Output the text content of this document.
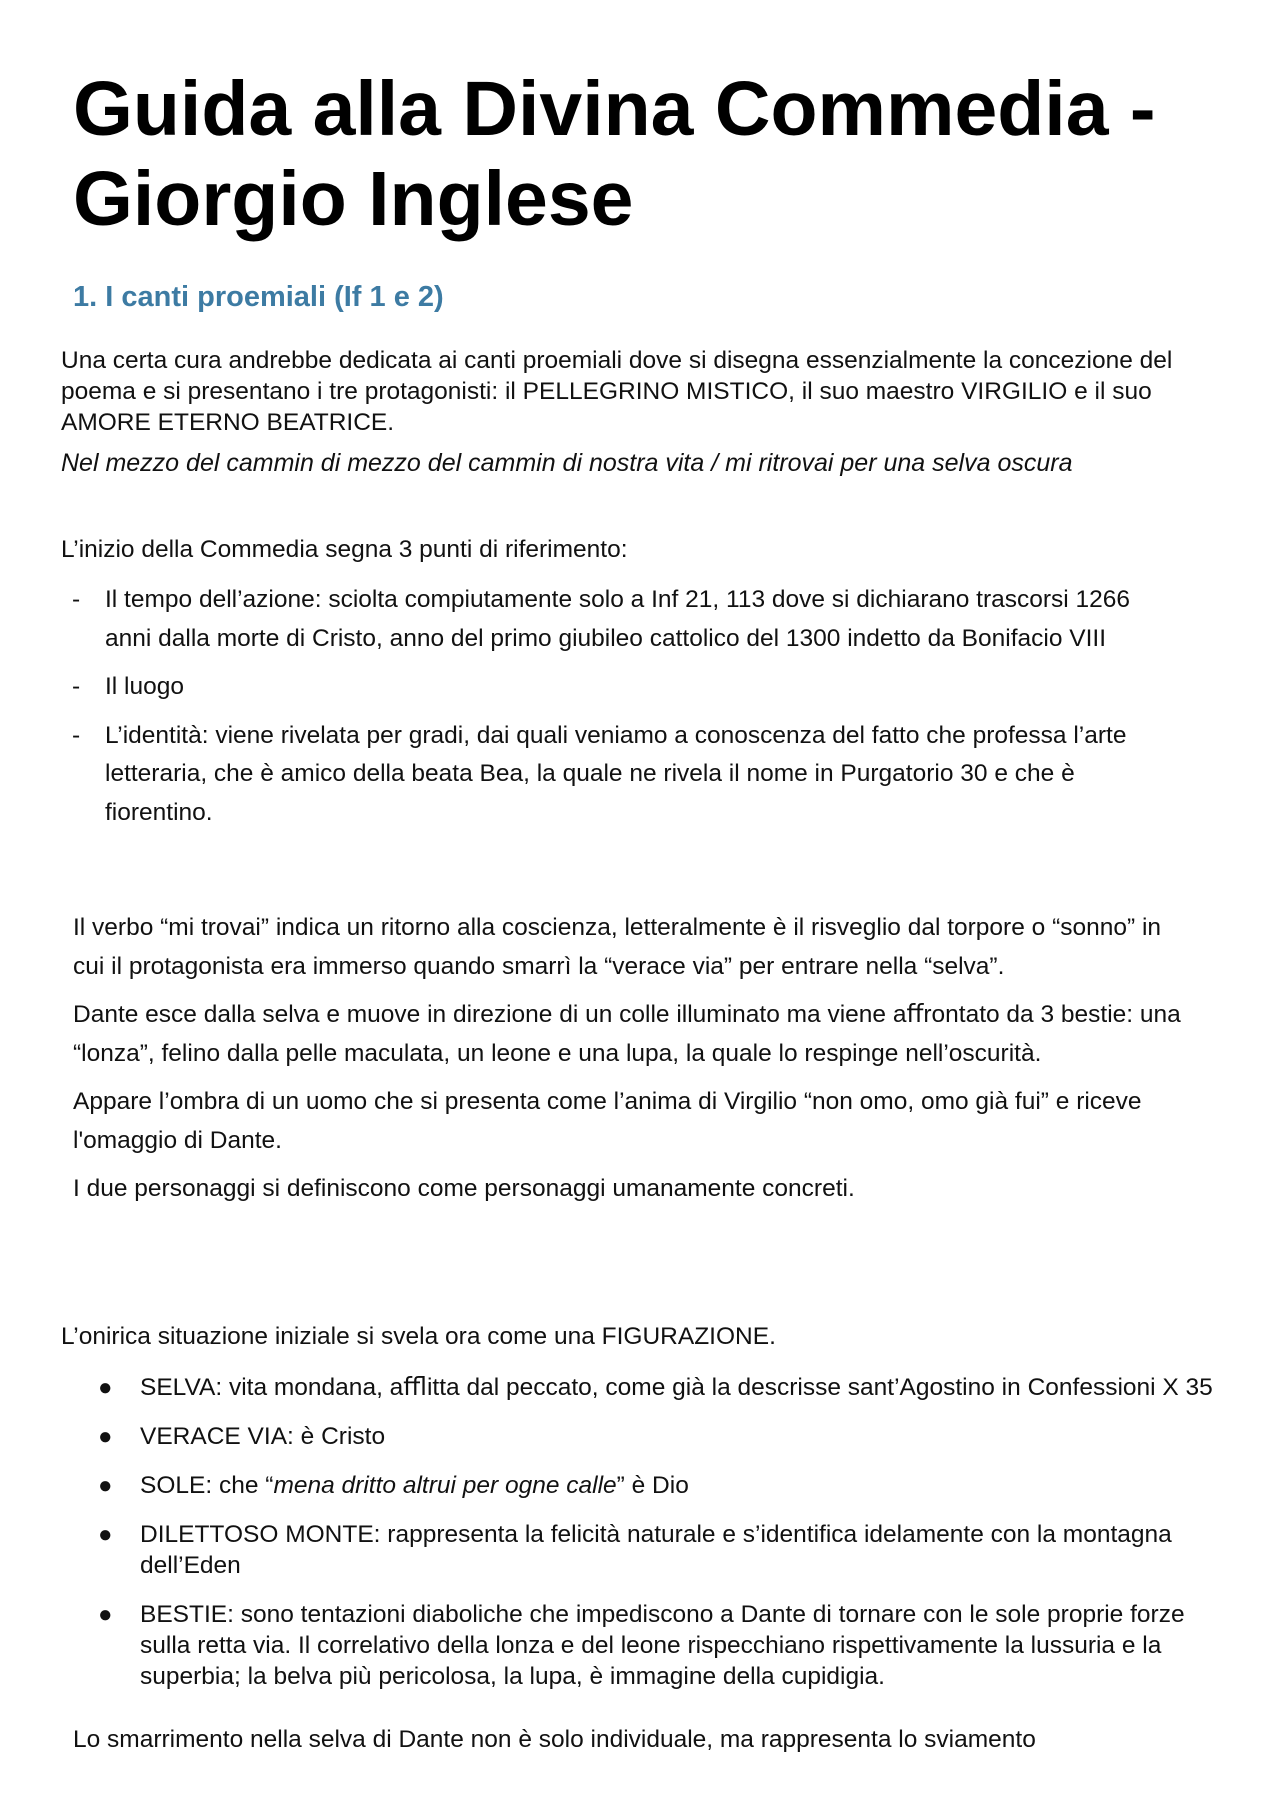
Guida alla Divina Commedia - Giorgio Inglese
1. I canti proemiali (If 1 e 2)

Una certa cura andrebbe dedicata ai canti proemiali dove si disegna essenzialmente la concezione del poema e si presentano i tre protagonisti: il PELLEGRINO MISTICO, il suo maestro VIRGILIO e il suo AMORE ETERNO BEATRICE.

Nel mezzo del cammin di mezzo del cammin di nostra vita / mi ritrovai per una selva oscura

L’inizio della Commedia segna 3 punti di riferimento:

- Il tempo dell’azione: sciolta compiutamente solo a Inf 21, 113 dove si dichiarano trascorsi 1266 anni dalla morte di Cristo, anno del primo giubileo cattolico del 1300 indetto da Bonifacio VIII
- Il luogo
- L’identità: viene rivelata per gradi, dai quali veniamo a conoscenza del fatto che professa l’arte letteraria, che è amico della beata Bea, la quale ne rivela il nome in Purgatorio 30 e che è fiorentino.

Il verbo “mi trovai” indica un ritorno alla coscienza, letteralmente è il risveglio dal torpore o “sonno” in cui il protagonista era immerso quando smarrì la “verace via” per entrare nella “selva”.

Dante esce dalla selva e muove in direzione di un colle illuminato ma viene aﬀrontato da 3 bestie: una “lonza”, felino dalla pelle maculata, un leone e una lupa, la quale lo respinge nell’oscurità.

Appare l’ombra di un uomo che si presenta come l’anima di Virgilio “non omo, omo già fui” e riceve l'omaggio di Dante.

I due personaggi si definiscono come personaggi umanamente concreti.

L’onirica situazione iniziale si svela ora come una FIGURAZIONE.

● SELVA: vita mondana, aﬄitta dal peccato, come già la descrisse sant’Agostino in Confessioni X 35
● VERACE VIA: è Cristo
● SOLE: che “mena dritto altrui per ogne calle” è Dio
● DILETTOSO MONTE: rappresenta la felicità naturale e s’identifica idelamente con la montagna dell’Eden
● BESTIE: sono tentazioni diaboliche che impediscono a Dante di tornare con le sole proprie forze sulla retta via. Il correlativo della lonza e del leone rispecchiano rispettivamente la lussuria e la superbia; la belva più pericolosa, la lupa, è immagine della cupidigia.

Lo smarrimento nella selva di Dante non è solo individuale, ma rappresenta lo sviamento
